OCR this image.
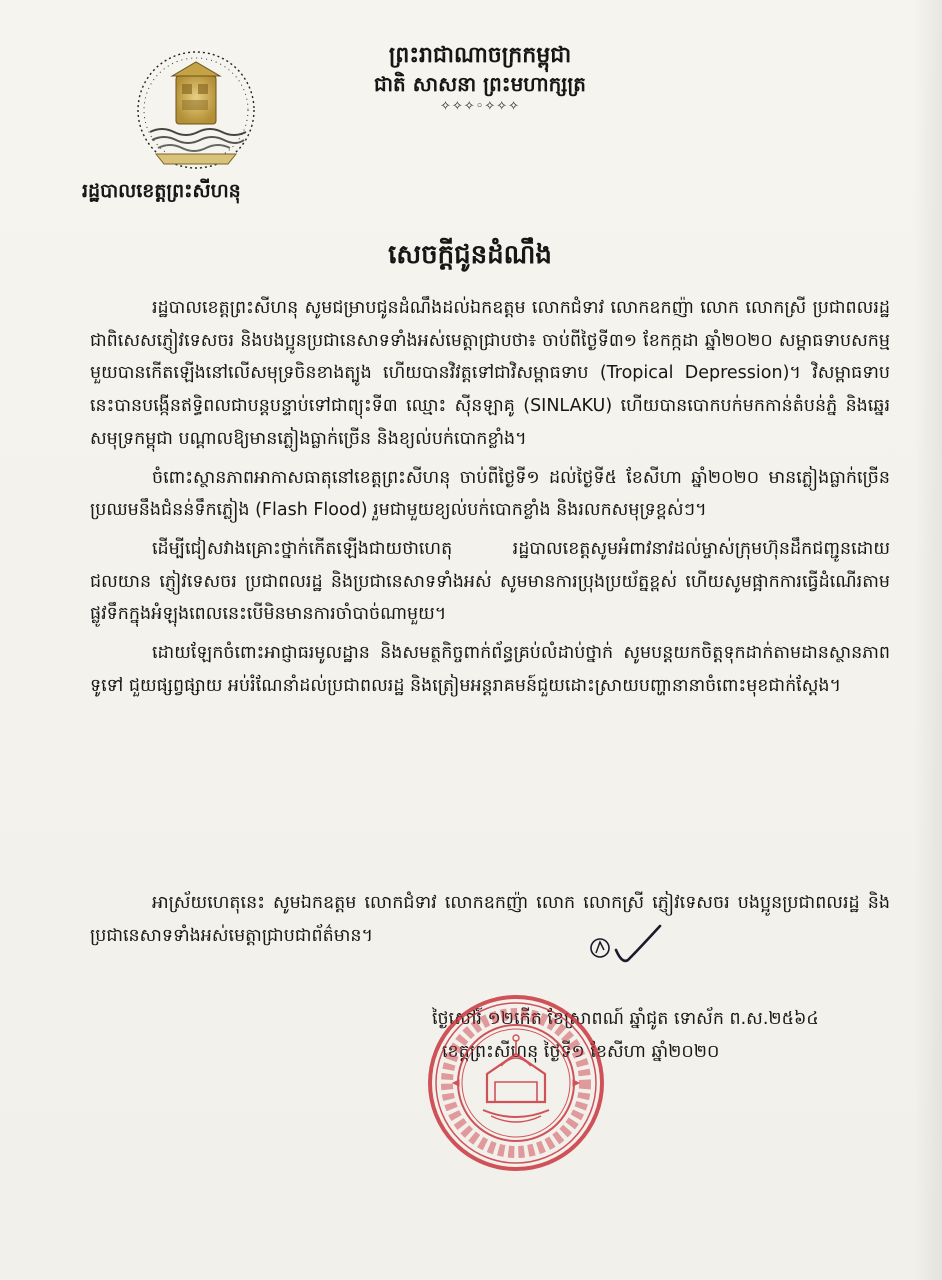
ព្រះរាជាណាចក្រកម្ពុជា
ជាតិ សាសនា ព្រះមហាក្សត្រ
✧✧✧◦✧✧✧
រដ្ឋបាលខេត្តព្រះសីហនុ
សេចក្តីជូនដំណឹង

រដ្ឋបាលខេត្តព្រះសីហនុ សូមជម្រាបជូនដំណឹងដល់ឯកឧត្តម លោកជំទាវ លោកឧកញ៉ា លោក លោកស្រី ប្រជាពលរដ្ឋ ជាពិសេសភ្ញៀវទេសចរ និងបងប្អូនប្រជានេសាទទាំងអស់មេត្តាជ្រាបថា៖ ចាប់ពីថ្ងៃទី៣១ ខែកក្កដា ឆ្នាំ២០២០ សម្ពាធទាបសកម្មមួយបានកើតឡើងនៅលើសមុទ្រចិនខាងត្បូង ហើយបានវិវត្តទៅជាវិសម្ពាធទាប (Tropical Depression)។ វិសម្ពាធទាបនេះបានបង្កើនឥទ្ធិពលជាបន្តបន្ទាប់ទៅជាព្យុះទី៣ ឈ្មោះ ស៊ីនឡាគូ (SINLAKU) ហើយបានបោកបក់មកកាន់តំបន់ភ្នំ និងឆ្នេរសមុទ្រកម្ពុជា បណ្តាលឱ្យមានភ្លៀងធ្លាក់ច្រើន និងខ្យល់បក់បោកខ្លាំង។

ចំពោះស្ថានភាពអាកាសធាតុនៅខេត្តព្រះសីហនុ ចាប់ពីថ្ងៃទី១ ដល់ថ្ងៃទី៥ ខែសីហា ឆ្នាំ២០២០ មានភ្លៀងធ្លាក់ច្រើនប្រឈមនឹងជំនន់ទឹកភ្លៀង (Flash Flood) រួមជាមួយខ្យល់បក់បោកខ្លាំង និងរលកសមុទ្រខ្ពស់ៗ។

ដើម្បីជៀសវាងគ្រោះថ្នាក់កើតឡើងជាយថាហេតុ រដ្ឋបាលខេត្តសូមអំពាវនាវដល់ម្ចាស់ក្រុមហ៊ុនដឹកជញ្ជូនដោយជលយាន ភ្ញៀវទេសចរ ប្រជាពលរដ្ឋ និងប្រជានេសាទទាំងអស់ សូមមានការប្រុងប្រយ័ត្នខ្ពស់ ហើយសូមផ្អាកការធ្វើដំណើរតាមផ្លូវទឹកក្នុងអំឡុងពេលនេះបើមិនមានការចាំបាច់ណាមួយ។

ដោយឡែកចំពោះអាជ្ញាធរមូលដ្ឋាន និងសមត្ថកិច្ចពាក់ព័ន្ធគ្រប់លំដាប់ថ្នាក់ សូមបន្តយកចិត្តទុកដាក់តាមដានស្ថានភាពទូទៅ ជួយផ្សព្វផ្សាយ អប់រំណែនាំដល់ប្រជាពលរដ្ឋ និងត្រៀមអន្តរាគមន៍ជួយដោះស្រាយបញ្ហានានាចំពោះមុខជាក់ស្តែង។

អាស្រ័យហេតុនេះ សូមឯកឧត្តម លោកជំទាវ លោកឧកញ៉ា លោក លោកស្រី ភ្ញៀវទេសចរ បងប្អូនប្រជាពលរដ្ឋ និងប្រជានេសាទទាំងអស់មេត្តាជ្រាបជាព័ត៌មាន។
ថ្ងៃសៅរ៍ ១២កើត ខែស្រាពណ៍ ឆ្នាំជូត ទោស័ក ព.ស.២៥៦៤
ខេត្តព្រះសីហនុ ថ្ងៃទី១ ខែសីហា ឆ្នាំ២០២០
